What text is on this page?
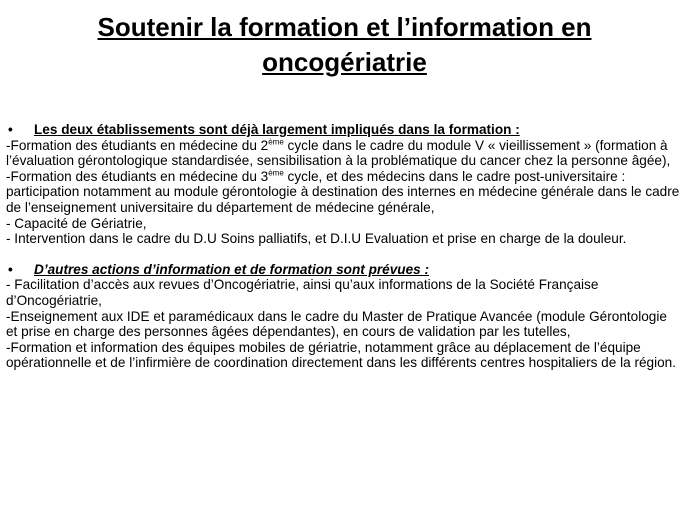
Soutenir la formation et l’information en
oncogériatrie
• Les deux établissements sont déjà largement impliqués dans la formation :

-Formation des étudiants en médecine du 2ème cycle dans le cadre du module V « vieillissement » (formation à l’évaluation gérontologique standardisée, sensibilisation à la problématique du cancer chez la personne âgée),

-Formation des étudiants en médecine du 3ème cycle, et des médecins dans le cadre post-universitaire : participation notamment au module gérontologie à destination des internes en médecine générale dans le cadre de l’enseignement universitaire du département de médecine générale,

- Capacité de Gériatrie,

- Intervention dans le cadre du D.U Soins palliatifs, et D.I.U Evaluation et prise en charge de la douleur.

• D’autres actions d’information et de formation sont prévues :

- Facilitation d’accès aux revues d’Oncogériatrie, ainsi qu’aux informations de la Société Française d’Oncogériatrie,

-Enseignement aux IDE et paramédicaux dans le cadre du Master de Pratique Avancée (module Gérontologie et prise en charge des personnes âgées dépendantes), en cours de validation par les tutelles,

-Formation et information des équipes mobiles de gériatrie, notamment grâce au déplacement de l’équipe opérationnelle et de l’infirmière de coordination directement dans les différents centres hospitaliers de la région.
